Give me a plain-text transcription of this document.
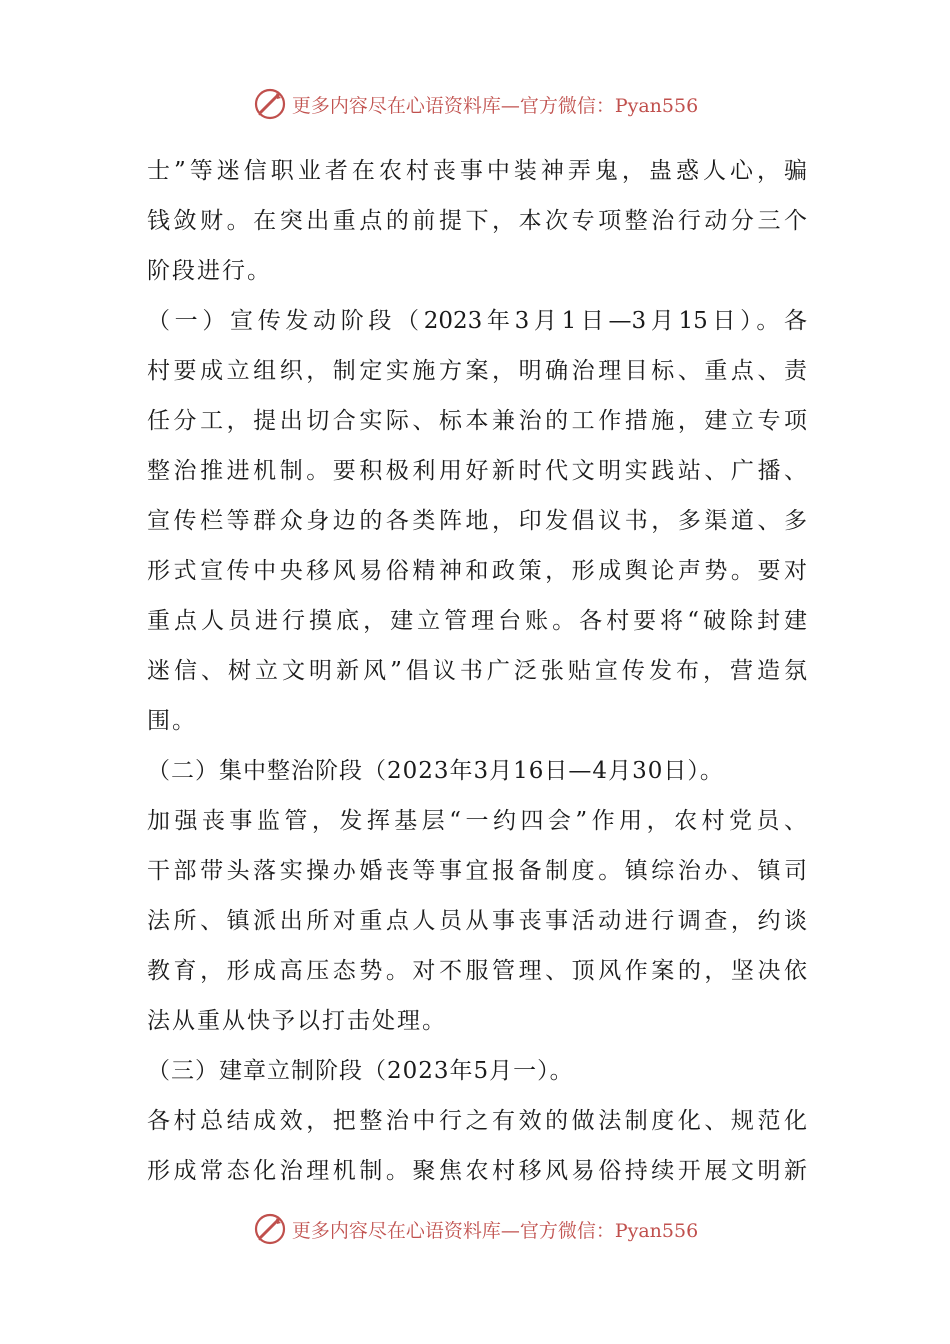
更多内容尽在心语资料库—官方微信：Pyan556
士”等迷信职业者在农村丧事中装神弄鬼，蛊惑人心，骗
钱敛财。在突出重点的前提下，本次专项整治行动分三个
阶段进行。
（一）宣传发动阶段（2023年3月1日—3月15日）。各
村要成立组织，制定实施方案，明确治理目标、重点、责
任分工，提出切合实际、标本兼治的工作措施，建立专项
整治推进机制。要积极利用好新时代文明实践站、广播、
宣传栏等群众身边的各类阵地，印发倡议书，多渠道、多
形式宣传中央移风易俗精神和政策，形成舆论声势。要对
重点人员进行摸底，建立管理台账。各村要将“破除封建
迷信、树立文明新风”倡议书广泛张贴宣传发布，营造氛
围。
（二）集中整治阶段（2023年3月16日—4月30日）。
加强丧事监管，发挥基层“一约四会”作用，农村党员、
干部带头落实操办婚丧等事宜报备制度。镇综治办、镇司
法所、镇派出所对重点人员从事丧事活动进行调查，约谈
教育，形成高压态势。对不服管理、顶风作案的，坚决依
法从重从快予以打击处理。
（三）建章立制阶段（2023年5月一）。
各村总结成效，把整治中行之有效的做法制度化、规范化
形成常态化治理机制。聚焦农村移风易俗持续开展文明新
更多内容尽在心语资料库—官方微信：Pyan556
